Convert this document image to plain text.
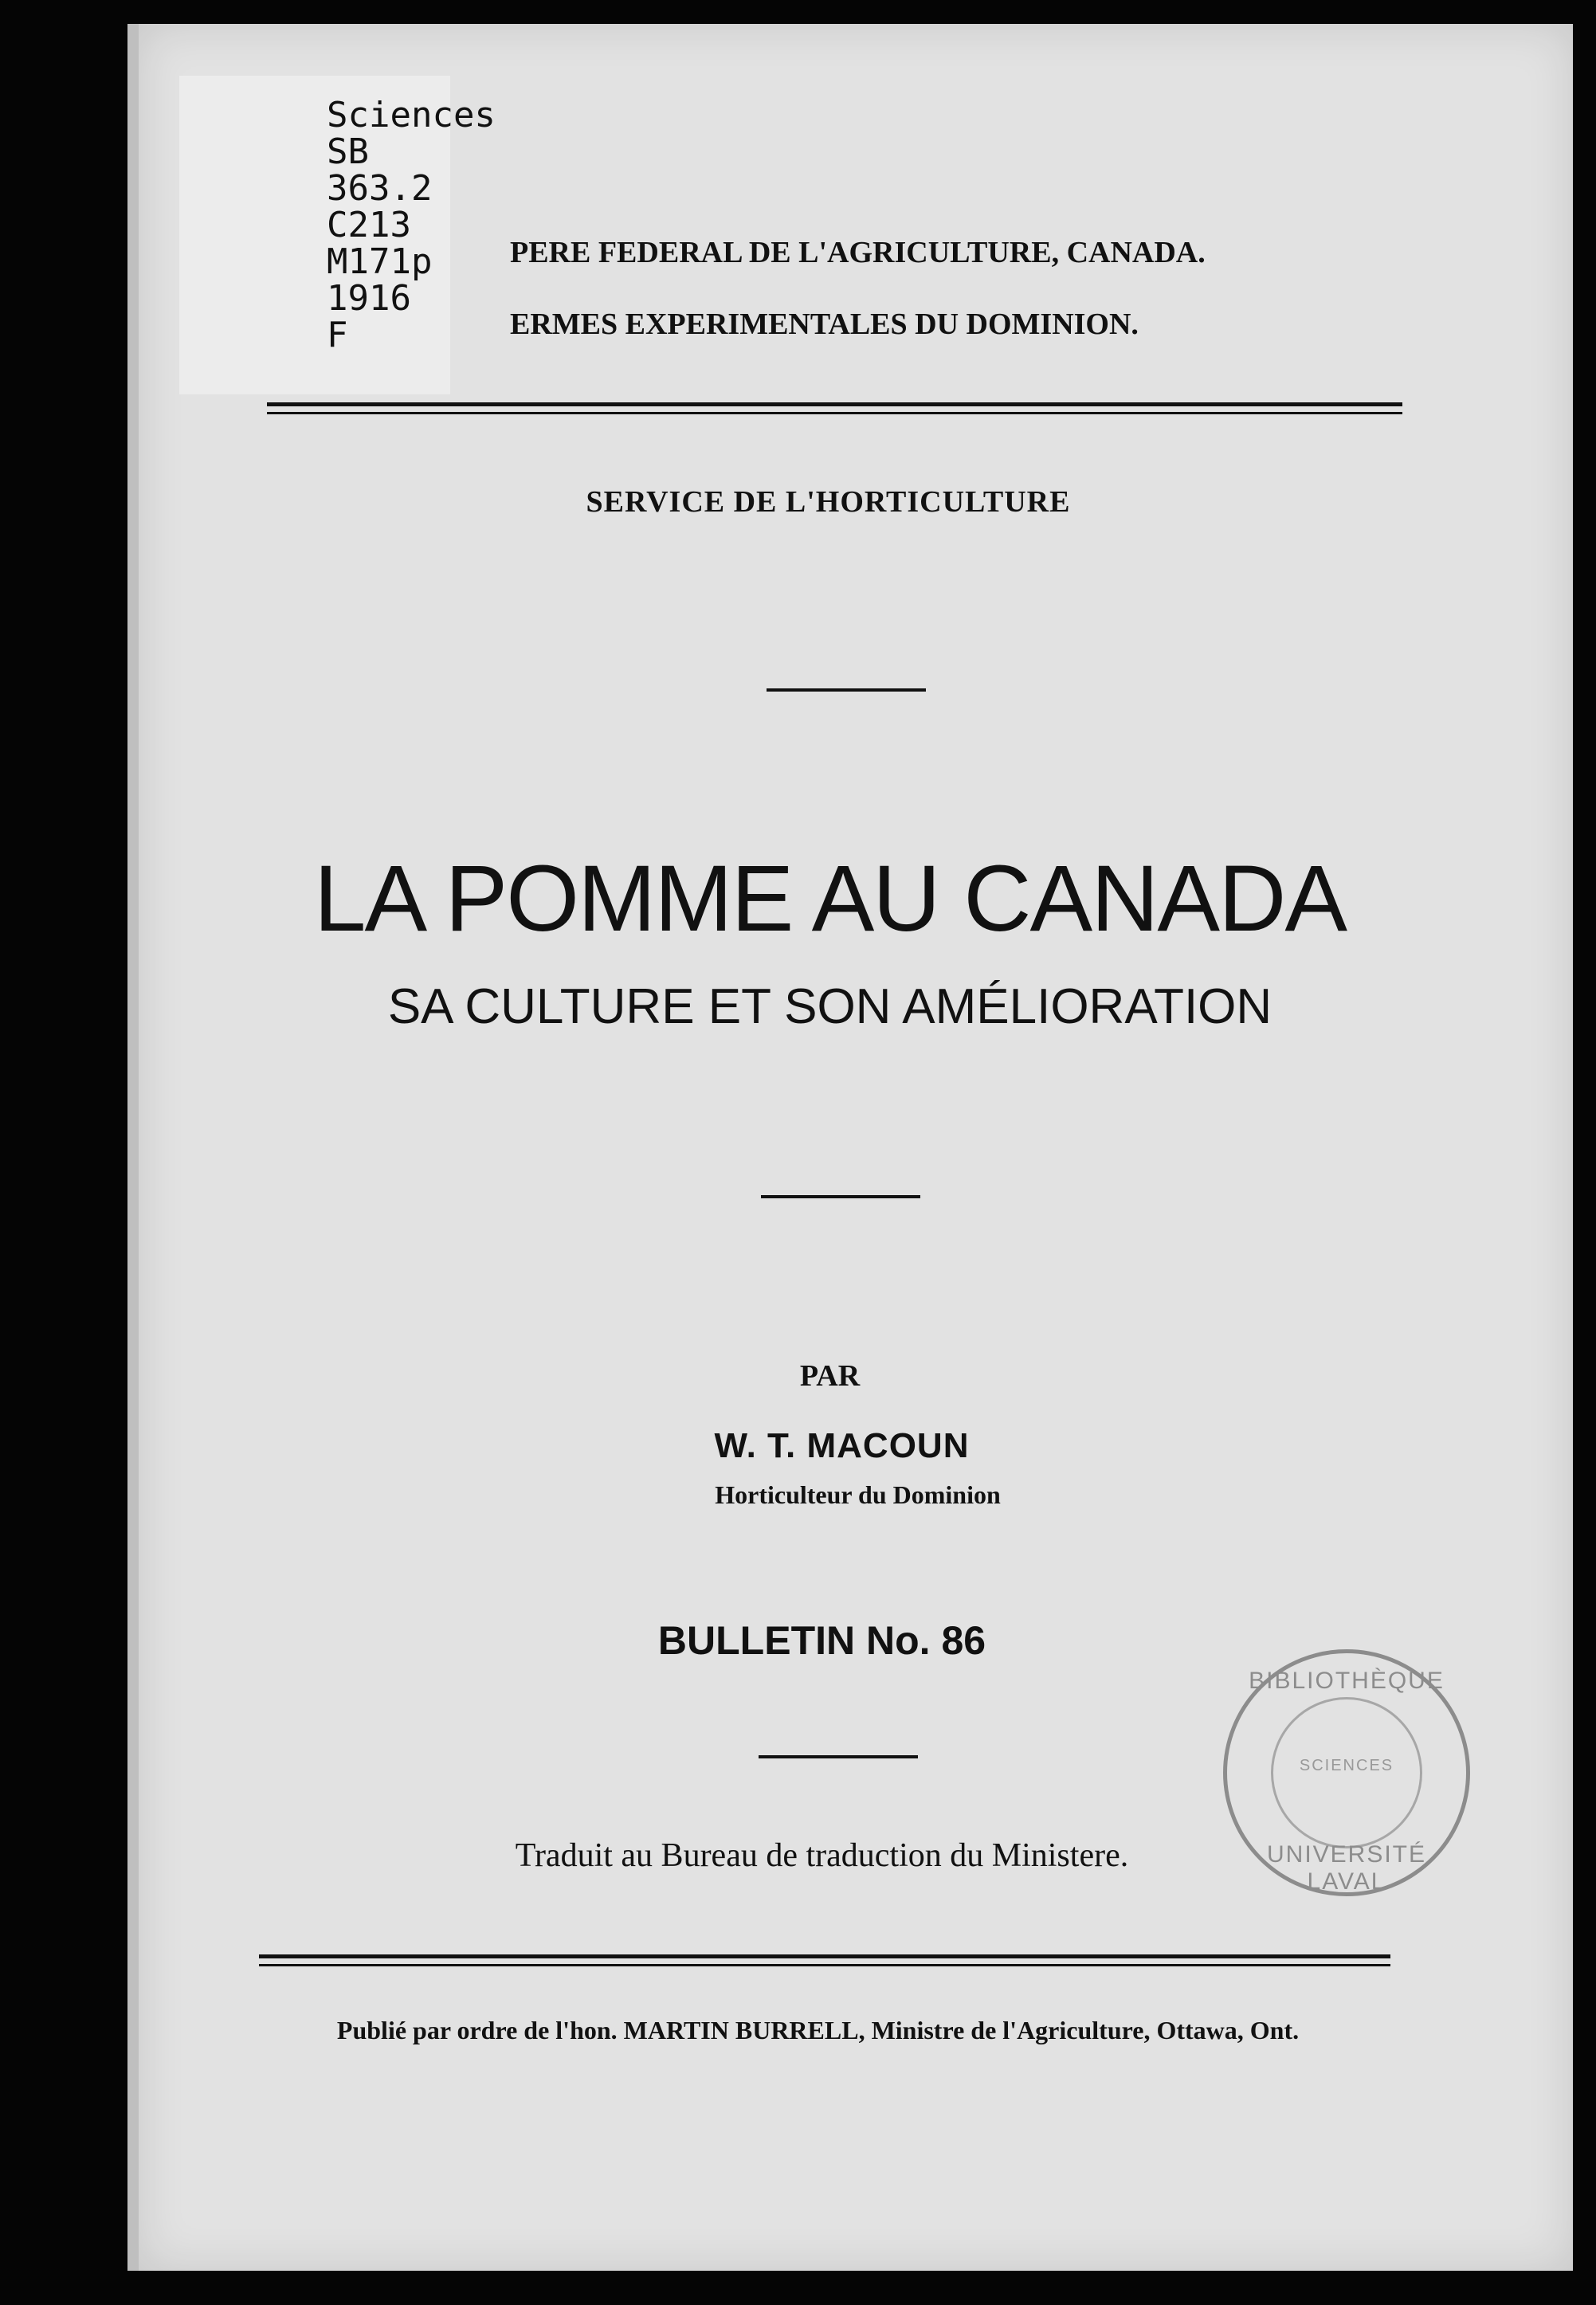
Sciences
SB
363.2
C213
M171p
1916
F
PERE FEDERAL DE L'AGRICULTURE, CANADA.
ERMES EXPERIMENTALES DU DOMINION.
SERVICE DE L'HORTICULTURE
LA POMME AU CANADA
SA CULTURE ET SON AMÉLIORATION
PAR
W. T. MACOUN
Horticulteur du Dominion
BULLETIN No. 86
Traduit au Bureau de traduction du Ministere.
Publié par ordre de l'hon. MARTIN BURRELL, Ministre de l'Agriculture, Ottawa, Ont.
BIBLIOTHÈQUE
SCIENCES
UNIVERSITÉ LAVAL
